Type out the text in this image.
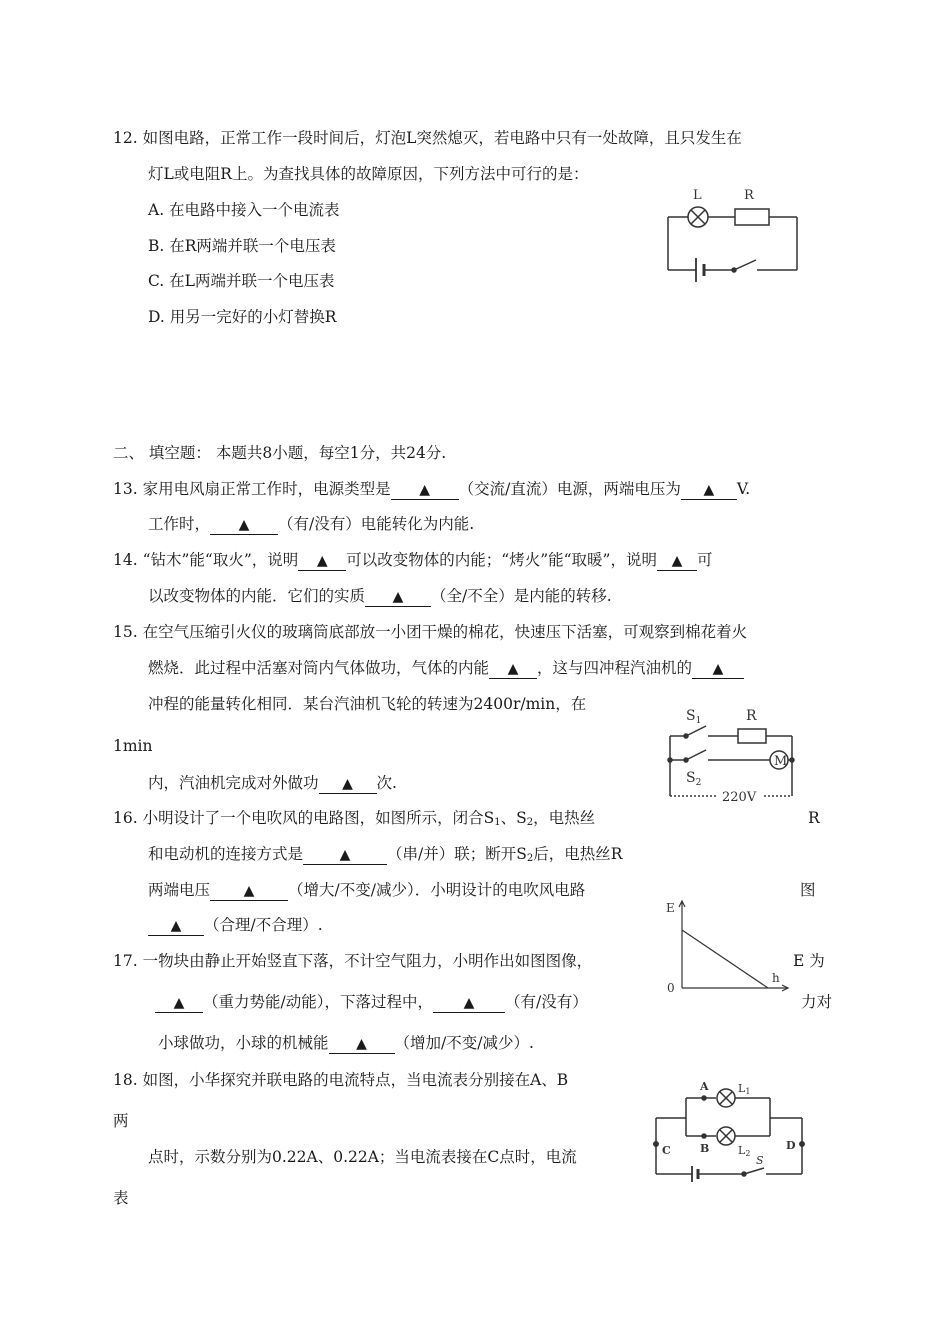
12. 如图电路，正常工作一段时间后，灯泡L突然熄灭，若电路中只有一处故障，且只发生在
灯L或电阻R上。为查找具体的故障原因，下列方法中可行的是：
A. 在电路中接入一个电流表
B. 在R两端并联一个电压表
C. 在L两端并联一个电压表
D. 用另一完好的小灯替换R
L	R
二、 填空题： 本题共8小题，每空1分，共24分.
13. 家用电风扇正常工作时，电源类型是 ▲ （交流/直流）电源，两端电压为 ▲ V.
工作时， ▲ （有/没有）电能转化为内能.
14. “钻木”能“取火”，说明 ▲ 可以改变物体的内能；“烤火”能“取暖”，说明 ▲ 可
以改变物体的内能．它们的实质 ▲ （全/不全）是内能的转移.
15. 在空气压缩引火仪的玻璃筒底部放一小团干燥的棉花，快速压下活塞，可观察到棉花着火
燃烧．此过程中活塞对筒内气体做功，气体的内能 ▲ ，这与四冲程汽油机的 ▲
冲程的能量转化相同．某台汽油机飞轮的转速为2400r/min，在
1min
内，汽油机完成对外做功 ▲ 次.
$S_1$	R
M
$S_2$
220V
16. 小明设计了一个电吹风的电路图，如图所示，闭合$S_1$、$S_2$，电热丝	R
和电动机的连接方式是	▲ （串/并）联；断开$S_2$后，电热丝R
两端电压 ▲ （增大/不变/减少）．小明设计的电吹风电路	图
▲ （合理/不合理）.
E
h
0
17. 一物块由静止开始竖直下落，不计空气阻力，小明作出如图图像，	E 为
▲ （重力势能/动能），下落过程中， ▲ （有/没有）	力对
小球做功，小球的机械能 ▲ （增加/不变/减少）.
18. 如图，小华探究并联电路的电流特点，当电流表分别接在A、B
两
点时，示数分别为0.22A、0.22A；当电流表接在C点时，电流
表
A	L1
B	L2
C	D
S
